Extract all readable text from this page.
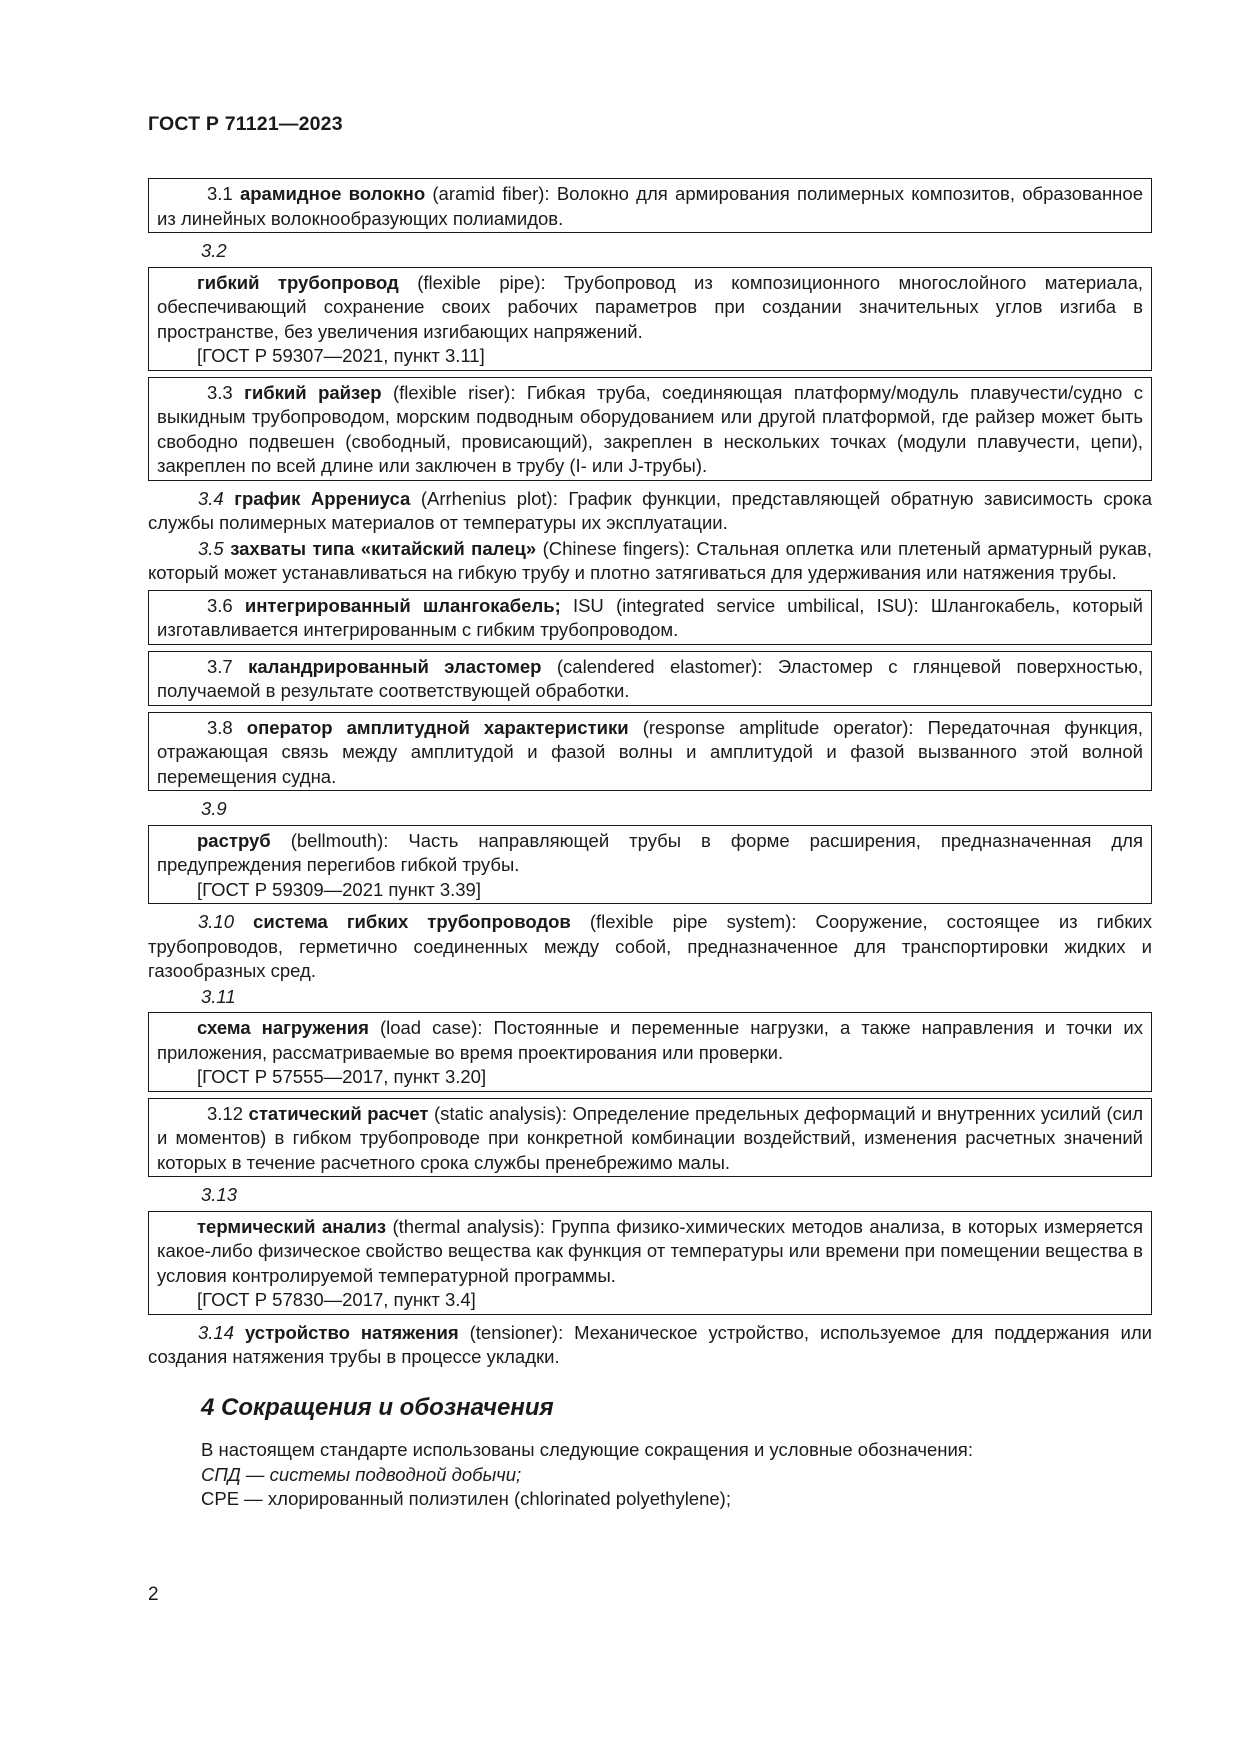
ГОСТ Р 71121—2023

3.1 арамидное волокно (aramid fiber): Волокно для армирования полимерных композитов, образованное из линейных волокнообразующих полиамидов.

3.2

гибкий трубопровод (flexible pipe): Трубопровод из композиционного многослойного материала, обеспечивающий сохранение своих рабочих параметров при создании значительных углов изгиба в пространстве, без увеличения изгибающих напряжений.

[ГОСТ Р 59307—2021, пункт 3.11]

3.3 гибкий райзер (flexible riser): Гибкая труба, соединяющая платформу/модуль плавучести/судно с выкидным трубопроводом, морским подводным оборудованием или другой платформой, где райзер может быть свободно подвешен (свободный, провисающий), закреплен в нескольких точках (модули плавучести, цепи), закреплен по всей длине или заключен в трубу (I- или J-трубы).

3.4 график Аррениуса (Arrhenius plot): График функции, представляющей обратную зависимость срока службы полимерных материалов от температуры их эксплуатации.

3.5 захваты типа «китайский палец» (Chinese fingers): Стальная оплетка или плетеный арматурный рукав, который может устанавливаться на гибкую трубу и плотно затягиваться для удерживания или натяжения трубы.

3.6 интегрированный шлангокабель; ISU (integrated service umbilical, ISU): Шлангокабель, который изготавливается интегрированным с гибким трубопроводом.

3.7 каландрированный эластомер (calendered elastomer): Эластомер с глянцевой поверхностью, получаемой в результате соответствующей обработки.

3.8 оператор амплитудной характеристики (response amplitude operator): Передаточная функция, отражающая связь между амплитудой и фазой волны и амплитудой и фазой вызванного этой волной перемещения судна.

3.9

раструб (bellmouth): Часть направляющей трубы в форме расширения, предназначенная для предупреждения перегибов гибкой трубы.

[ГОСТ Р 59309—2021 пункт 3.39]

3.10 система гибких трубопроводов (flexible pipe system): Сооружение, состоящее из гибких трубопроводов, герметично соединенных между собой, предназначенное для транспортировки жидких и газообразных сред.

3.11

схема нагружения (load case): Постоянные и переменные нагрузки, а также направления и точки их приложения, рассматриваемые во время проектирования или проверки.

[ГОСТ Р 57555—2017, пункт 3.20]

3.12 статический расчет (static analysis): Определение предельных деформаций и внутренних усилий (сил и моментов) в гибком трубопроводе при конкретной комбинации воздействий, изменения расчетных значений которых в течение расчетного срока службы пренебрежимо малы.

3.13

термический анализ (thermal analysis): Группа физико-химических методов анализа, в которых измеряется какое-либо физическое свойство вещества как функция от температуры или времени при помещении вещества в условия контролируемой температурной программы.

[ГОСТ Р 57830—2017, пункт 3.4]

3.14 устройство натяжения (tensioner): Механическое устройство, используемое для поддержания или создания натяжения трубы в процессе укладки.

4 Сокращения и обозначения
В настоящем стандарте использованы следующие сокращения и условные обозначения:
СПД — системы подводной добычи;
CPE — хлорированный полиэтилен (chlorinated polyethylene);
2
